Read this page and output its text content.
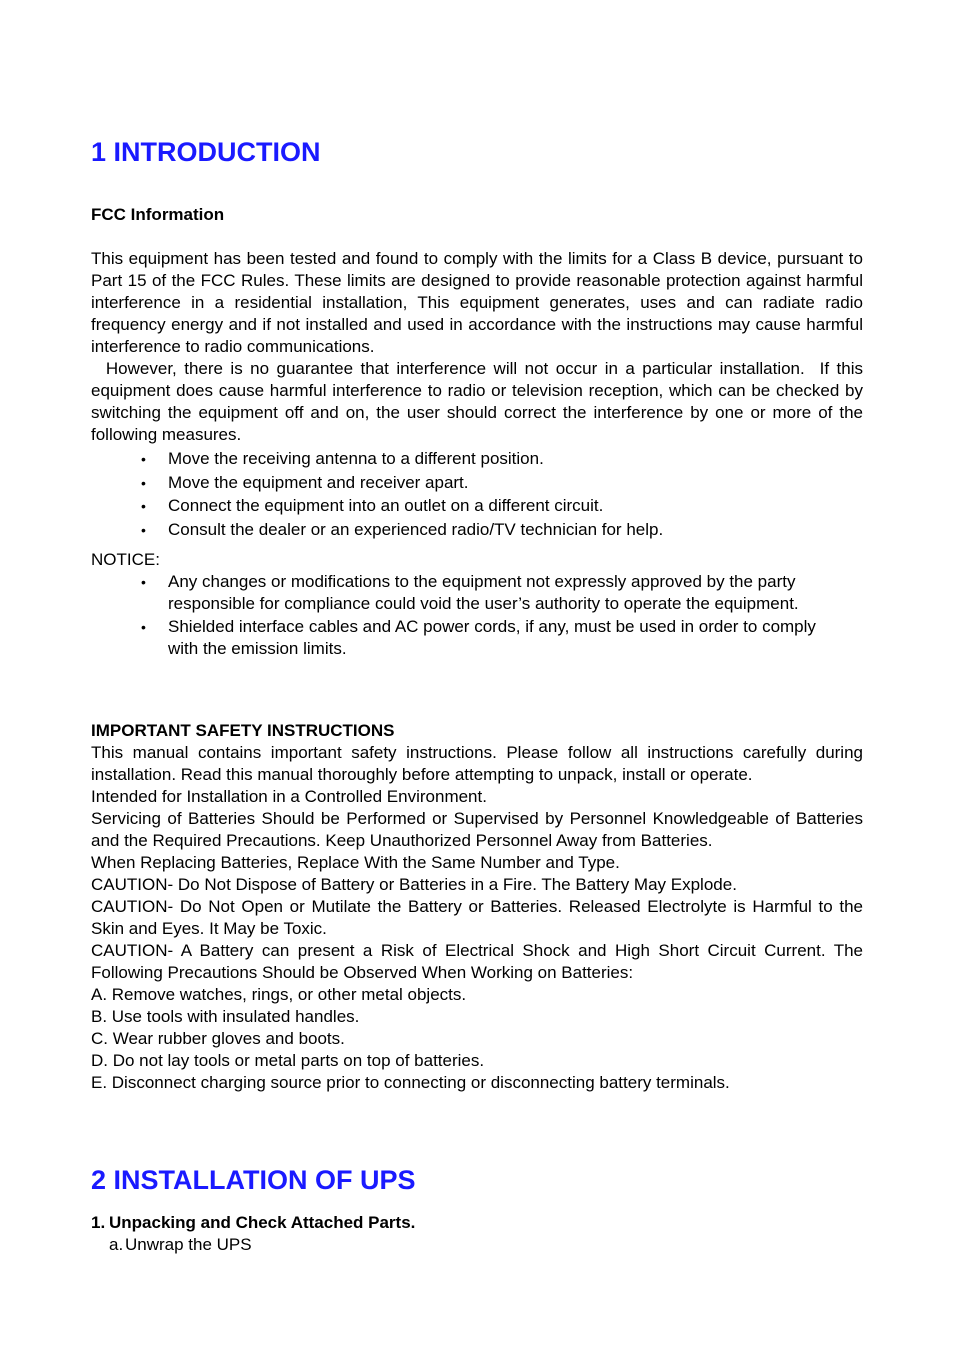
1 INTRODUCTION
FCC Information

This equipment has been tested and found to comply with the limits for a Class B device, pursuant to Part 15 of the FCC Rules. These limits are designed to provide reasonable protection against harmful interference in a residential installation, This equipment generates, uses and can radiate radio frequency energy and if not installed and used in accordance with the instructions may cause harmful interference to radio communications.

However, there is no guarantee that interference will not occur in a particular installation.  If this equipment does cause harmful interference to radio or television reception, which can be checked by switching the equipment off and on, the user should correct the interference by one or more of the following measures.

• Move the receiving antenna to a different position.
• Move the equipment and receiver apart.
• Connect the equipment into an outlet on a different circuit.
• Consult the dealer or an experienced radio/TV technician for help.

NOTICE:

• Any changes or modifications to the equipment not expressly approved by the party responsible for compliance could void the user’s authority to operate the equipment.
• Shielded interface cables and AC power cords, if any, must be used in order to comply with the emission limits.
IMPORTANT SAFETY INSTRUCTIONS

This manual contains important safety instructions. Please follow all instructions carefully during installation. Read this manual thoroughly before attempting to unpack, install or operate.

Intended for Installation in a Controlled Environment.

Servicing of Batteries Should be Performed or Supervised by Personnel Knowledgeable of Batteries and the Required Precautions. Keep Unauthorized Personnel Away from Batteries.

When Replacing Batteries, Replace With the Same Number and Type.

CAUTION- Do Not Dispose of Battery or Batteries in a Fire. The Battery May Explode.

CAUTION- Do Not Open or Mutilate the Battery or Batteries. Released Electrolyte is Harmful to the Skin and Eyes. It May be Toxic.

CAUTION- A Battery can present a Risk of Electrical Shock and High Short Circuit Current. The Following Precautions Should be Observed When Working on Batteries:

A. Remove watches, rings, or other metal objects.

B. Use tools with insulated handles.

C. Wear rubber gloves and boots.

D. Do not lay tools or metal parts on top of batteries.

E. Disconnect charging source prior to connecting or disconnecting battery terminals.

2 INSTALLATION OF UPS
1. Unpacking and Check Attached Parts.
a. Unwrap the UPS
